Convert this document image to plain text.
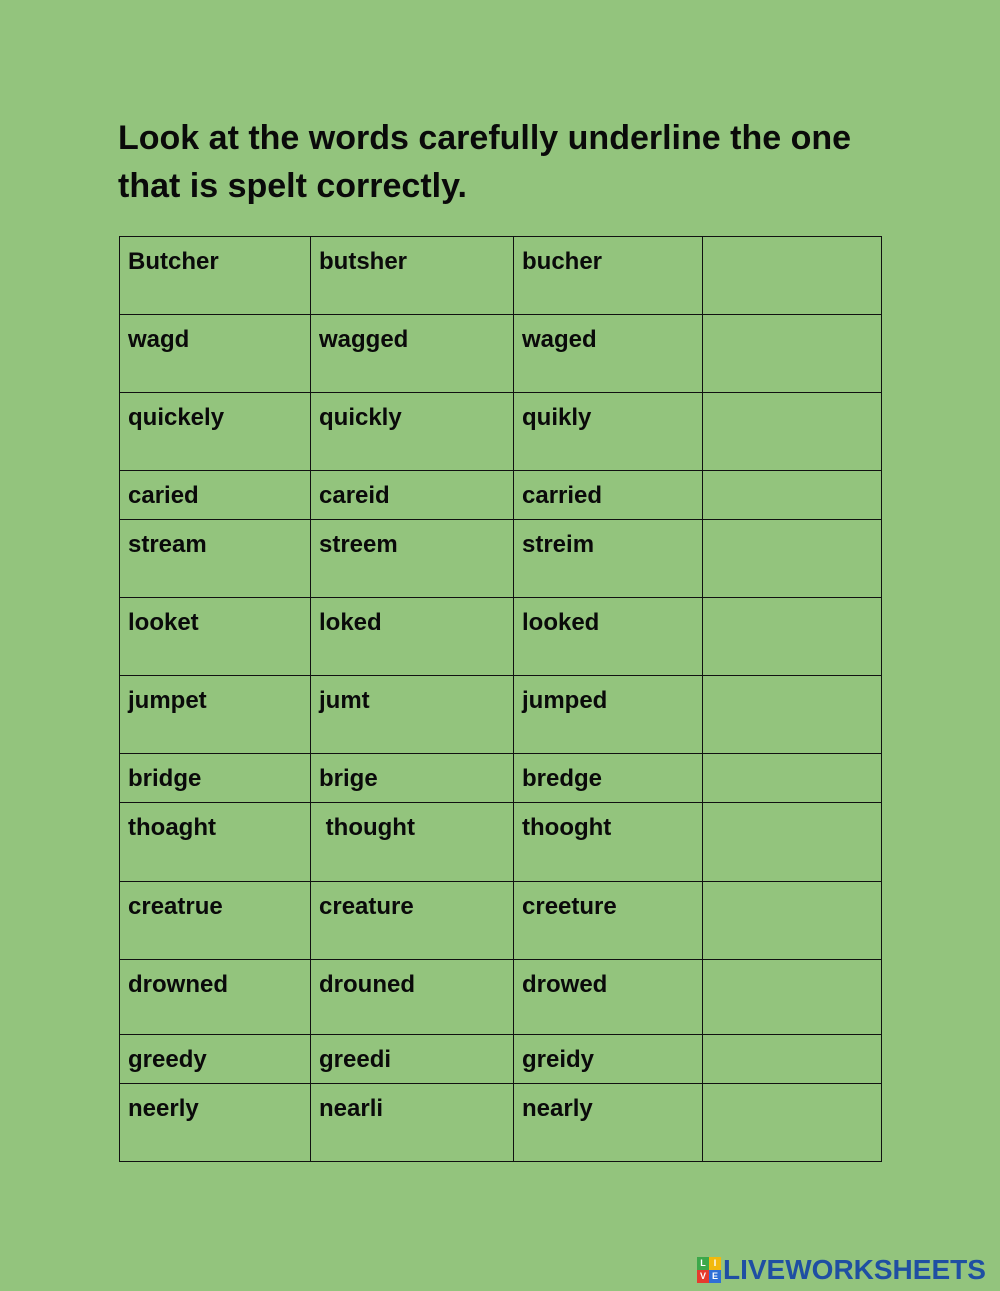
Look at the words carefully underline the one that is spelt correctly.
Butcher	butsher	bucher	
wagd	wagged	waged	
quickely	quickly	quikly	
caried	careid	carried	
stream	streem	streim	
looket	loked	looked	
jumpet	jumt	jumped	
bridge	brige	bredge	
thoaght	thought	thooght	
creatrue	creature	creeture	
drowned	drouned	drowed	
greedy	greedi	greidy	
neerly	nearli	nearly	
L I
V E LIVEWORKSHEETS
